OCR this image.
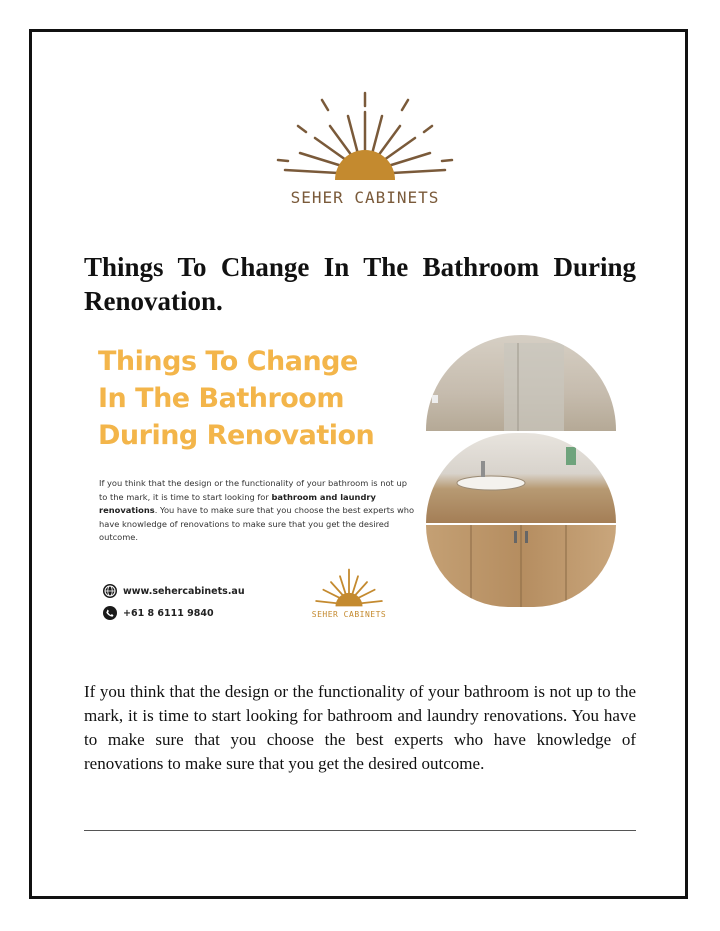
SEHER CABINETS
Things To Change In The Bathroom During Renovation.
Things To Change
In The Bathroom
During Renovation
If you think that the design or the functionality of your bathroom is not up to the mark, it is time to start looking for bathroom and laundry renovations. You have to make sure that you choose the best experts who have knowledge of renovations to make sure that you get the desired outcome.
www.sehercabinets.au
+61 8 6111 9840	SEHER CABINETS

If you think that the design or the functionality of your bathroom is not up to the mark, it is time to start looking for bathroom and laundry renovations. You have to make sure that you choose the best experts who have knowledge of renovations to make sure that you get the desired outcome.
